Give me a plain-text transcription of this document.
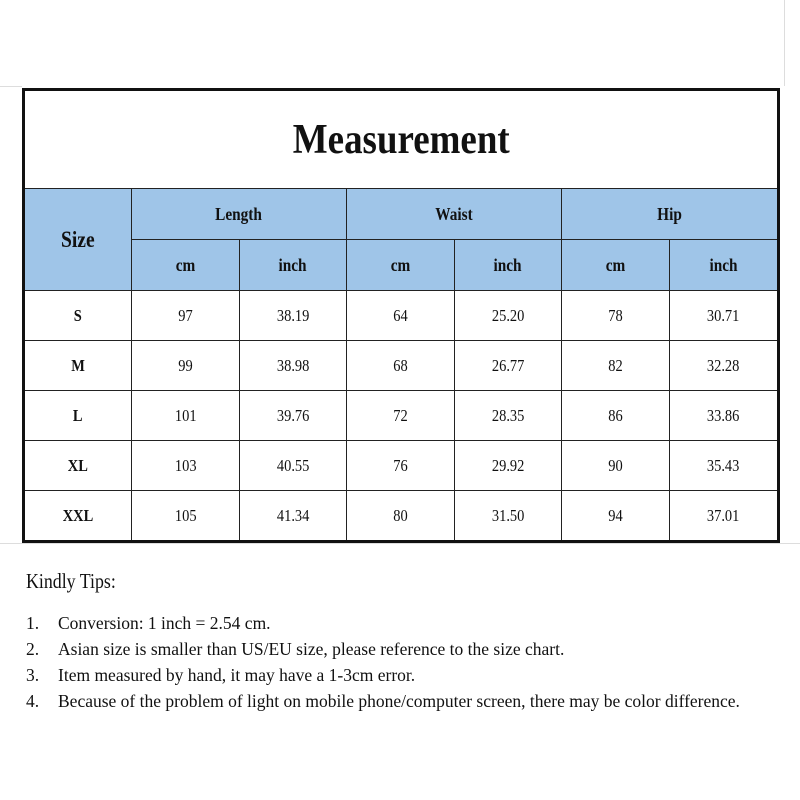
Measurement						
Size	Length		Waist		Hip	
	cm	inch	cm	inch	cm	inch
S	97	38.19	64	25.20	78	30.71
M	99	38.98	68	26.77	82	32.28
L	101	39.76	72	28.35	86	33.86
XL	103	40.55	76	29.92	90	35.43
XXL	105	41.34	80	31.50	94	37.01
Kindly Tips:
1.	Conversion: 1 inch = 2.54 cm.
2.	Asian size is smaller than US/EU size, please reference to the size chart.
3.	Item measured by hand, it may have a 1-3cm error.
4.	Because of the problem of light on mobile phone/computer screen, there may be color difference.
